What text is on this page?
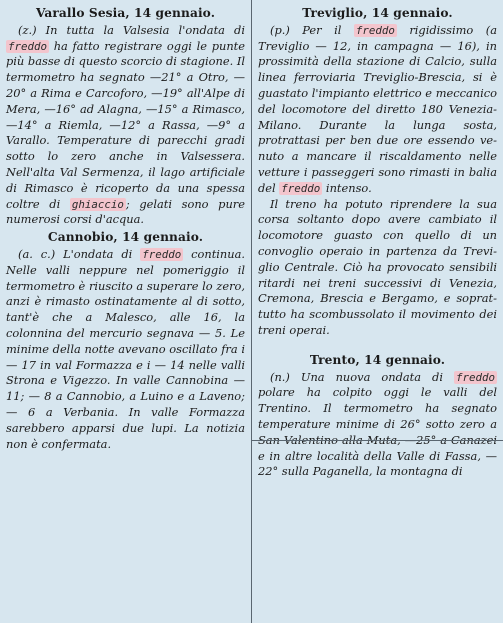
Varallo Sesia, 14 gennaio.

(z.) In tutta la Valsesia l'ondata di freddo ha fatto registrare oggi le punte più basse di questo scorcio di stagione. Il termometro ha segnato —21° a Otro, —20° a Rima e Carcoforo, —19° all'Alpe di Mera, —16° ad Alagna, —15° a Rimasco, —14° a Riemla, —12° a Rassa, —9° a Varallo. Temperature di parecchi gradi sotto lo zero anche in Valsessera. Nell'alta Val Sermenza, il lago artificiale di Rimasco è ricoperto da una spessa coltre di ghiaccio ; gelati sono pure numerosi corsi d'acqua.

Cannobio, 14 gennaio.

(a. c.) L'ondata di freddo continua. Nelle valli neppure nel pomeriggio il termometro è riuscito a superare lo zero, anzi è rimasto ostinatamente al di sotto, tant'è che a Malesco, alle 16, la colonnina del mercurio segnava — 5. Le minime della notte avevano oscillato fra i — 17 in val Formazza e i — 14 nelle valli Strona e Vigezzo. In valle Cannobina — 11; — 8 a Cannobio, a Luino e a Laveno; — 6 a Verbania. In valle Formazza sarebbero apparsi due lupi. La notizia non è confermata.

Treviglio, 14 gennaio.

(p.) Per il freddo rigidissimo (a Treviglio — 12, in campagna — 16), in prossimità della stazione di Calcio, sulla linea ferroviaria Treviglio-Brescia, si è guastato l'impianto elettrico e meccanico del locomotore del diretto 180 Venezia-Milano. Durante la lunga sosta, protrattasi per ben due ore essendo venuto a mancare il riscaldamento nelle vetture i passeggeri sono rimasti in balia del freddo intenso.

Il treno ha potuto riprendere la sua corsa soltanto dopo avere cambiato il locomotore guasto con quello di un convoglio operaio in partenza da Treviglio Centrale. Ciò ha provocato sensibili ritardi nei treni successivi di Venezia, Cremona, Brescia e Bergamo, e soprattutto ha scombussolato il movimento dei treni operai.

Trento, 14 gennaio.

(n.) Una nuova ondata di freddo polare ha colpito oggi le valli del Trentino. Il termometro ha segnato temperature minime di 26° sotto zero a San Valentino alla Muta, —25° a Canazei e in altre località della Valle di Fassa, —22° sulla Paganella, la montagna di
